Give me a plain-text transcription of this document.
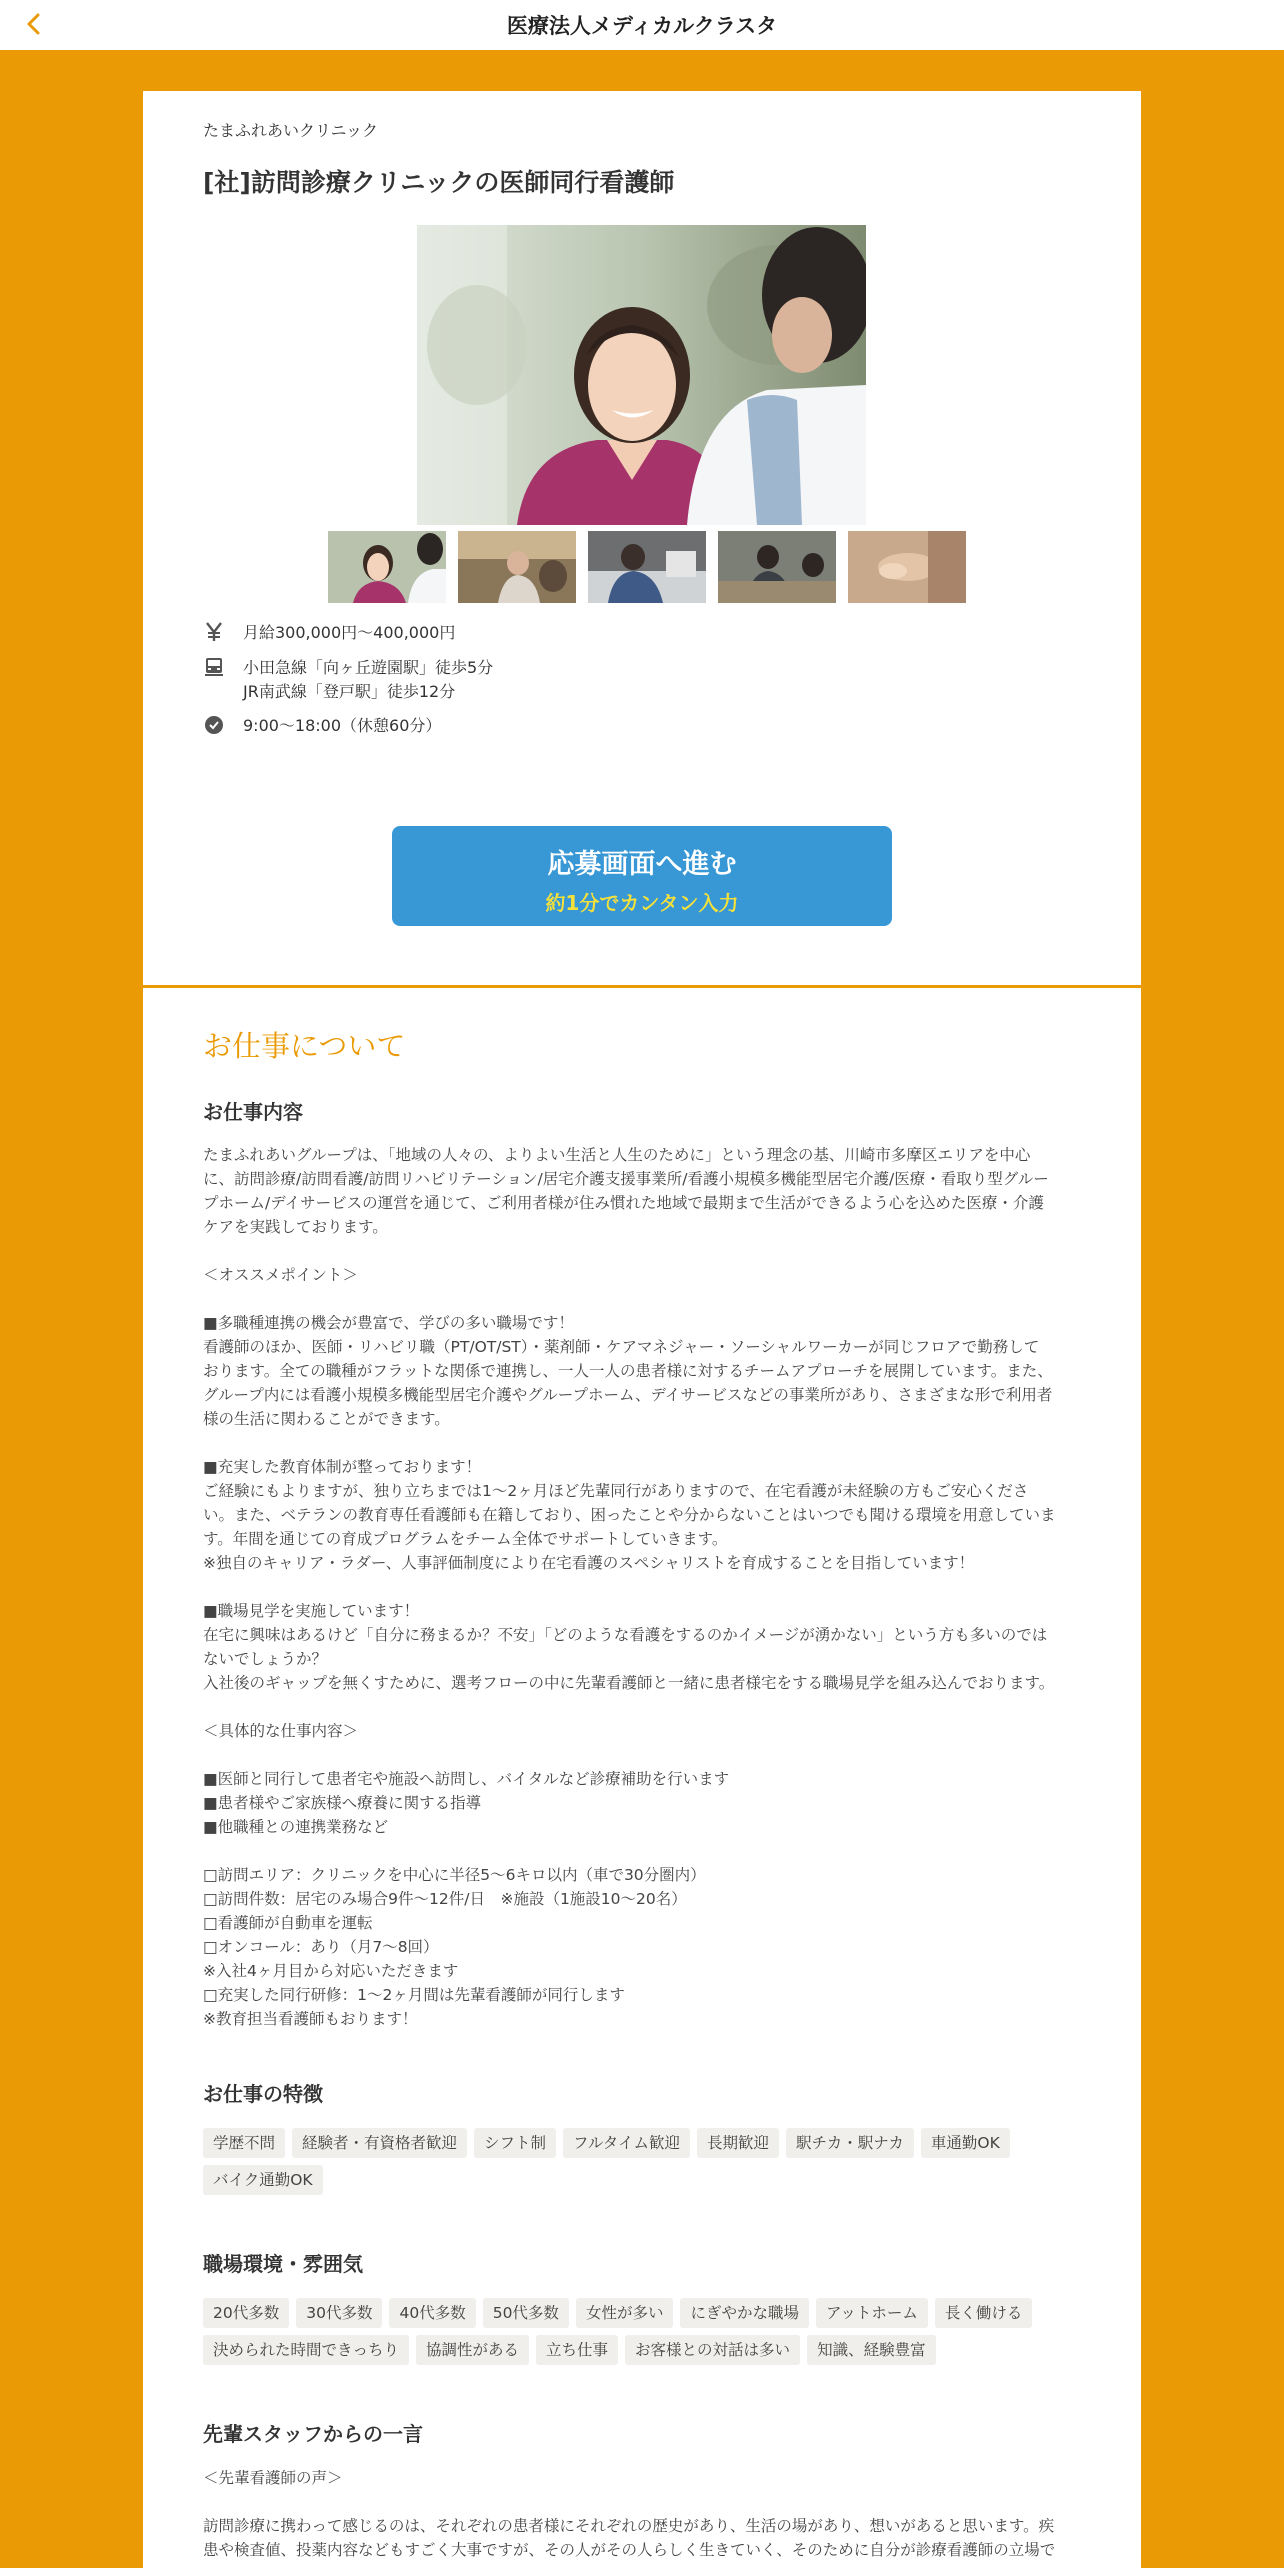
医療法人メディカルクラスタ
たまふれあいクリニック
[社]訪問診療クリニックの医師同行看護師
月給300,000円〜400,000円
小田急線「向ヶ丘遊園駅」徒歩5分
JR南武線「登戸駅」徒歩12分
9:00～18:00（休憩60分）
応募画面へ進む
約1分でカンタン入力
お仕事について
お仕事内容
たまふれあいグループは、「地域の人々の、よりよい生活と人生のために」という理念の基、川崎市多摩区エリアを中心
に、訪問診療/訪問看護/訪問リハビリテーション/居宅介護支援事業所/看護小規模多機能型居宅介護/医療・看取り型グルー
プホーム/デイサービスの運営を通じて、ご利用者様が住み慣れた地域で最期まで生活ができるよう心を込めた医療・介護
ケアを実践しております。

＜オススメポイント＞

■多職種連携の機会が豊富で、学びの多い職場です！
看護師のほか、医師・リハビリ職（PT/OT/ST）・薬剤師・ケアマネジャー・ソーシャルワーカーが同じフロアで勤務して
おります。全ての職種がフラットな関係で連携し、一人一人の患者様に対するチームアプローチを展開しています。また、
グループ内には看護小規模多機能型居宅介護やグループホーム、デイサービスなどの事業所があり、さまざまな形で利用者
様の生活に関わることができます。

■充実した教育体制が整っております！
ご経験にもよりますが、独り立ちまでは1～2ヶ月ほど先輩同行がありますので、在宅看護が未経験の方もご安心くださ
い。また、ベテランの教育専任看護師も在籍しており、困ったことや分からないことはいつでも聞ける環境を用意していま
す。年間を通じての育成プログラムをチーム全体でサポートしていきます。
※独自のキャリア・ラダー、人事評価制度により在宅看護のスペシャリストを育成することを目指しています！

■職場見学を実施しています！
在宅に興味はあるけど「自分に務まるか？不安」「どのような看護をするのかイメージが湧かない」という方も多いのでは
ないでしょうか？
入社後のギャップを無くすために、選考フローの中に先輩看護師と一緒に患者様宅をする職場見学を組み込んでおります。

＜具体的な仕事内容＞

■医師と同行して患者宅や施設へ訪問し、バイタルなど診療補助を行います
■患者様やご家族様へ療養に関する指導
■他職種との連携業務など

□訪問エリア：クリニックを中心に半径5～6キロ以内（車で30分圏内）
□訪問件数：居宅のみ場合9件～12件/日　※施設（1施設10～20名）
□看護師が自動車を運転
□オンコール：あり（月7～8回）
※入社4ヶ月目から対応いただきます
□充実した同行研修：1～2ヶ月間は先輩看護師が同行します
※教育担当看護師もおります！
お仕事の特徴
学歴不問	経験者・有資格者歓迎	シフト制	フルタイム歓迎	長期歓迎	駅チカ・駅ナカ	車通勤OK
バイク通勤OK
職場環境・雰囲気
20代多数	30代多数	40代多数	50代多数	女性が多い	にぎやかな職場	アットホーム	長く働ける
決められた時間できっちり	協調性がある	立ち仕事	お客様との対話は多い	知識、経験豊富
先輩スタッフからの一言
＜先輩看護師の声＞
訪問診療に携わって感じるのは、それぞれの患者様にそれぞれの歴史があり、生活の場があり、想いがあると思います。疾
患や検査値、投薬内容などもすごく大事ですが、その人がその人らしく生きていく、そのために自分が診療看護師の立場で
